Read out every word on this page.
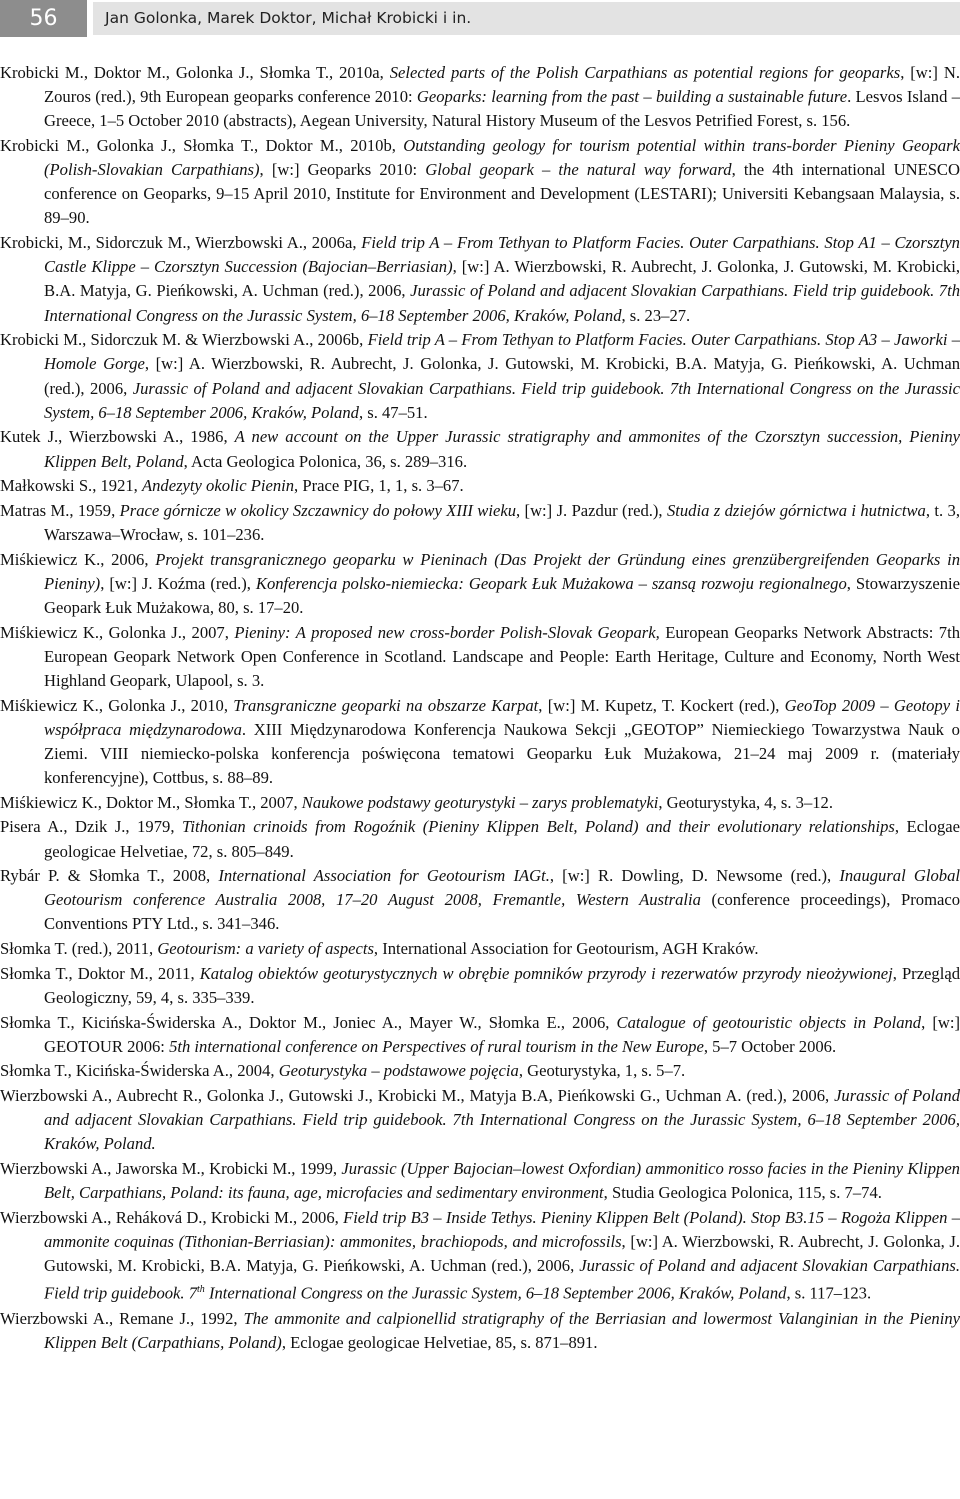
56	Jan Golonka, Marek Doktor, Michał Krobicki i in.
Krobicki M., Doktor M., Golonka J., Słomka T., 2010a, Selected parts of the Polish Carpathians as potential regions for geoparks, [w:] N. Zouros (red.), 9th European geoparks conference 2010: Geoparks: learning from the past – building a sustainable future. Lesvos Island – Greece, 1–5 October 2010 (abstracts), Aegean University, Natural History Museum of the Lesvos Petrified Forest, s. 156.
Krobicki M., Golonka J., Słomka T., Doktor M., 2010b, Outstanding geology for tourism potential within trans-border Pieniny Geopark (Polish-Slovakian Carpathians), [w:] Geoparks 2010: Global geopark – the natural way forward, the 4th international UNESCO conference on Geoparks, 9–15 April 2010, Institute for Environment and Development (LESTARI); Universiti Kebangsaan Malaysia, s. 89–90.
Krobicki, M., Sidorczuk M., Wierzbowski A., 2006a, Field trip A – From Tethyan to Platform Facies. Outer Carpathians. Stop A1 – Czorsztyn Castle Klippe – Czorsztyn Succession (Bajocian–Berriasian), [w:] A. Wierzbowski, R. Aubrecht, J. Golonka, J. Gutowski, M. Krobicki, B.A. Matyja, G. Pieńkowski, A. Uchman (red.), 2006, Jurassic of Poland and adjacent Slovakian Carpathians. Field trip guidebook. 7th International Congress on the Jurassic System, 6–18 September 2006, Kraków, Poland, s. 23–27.
Krobicki M., Sidorczuk M. & Wierzbowski A., 2006b, Field trip A – From Tethyan to Platform Facies. Outer Carpathians. Stop A3 – Jaworki – Homole Gorge, [w:] A. Wierzbowski, R. Aubrecht, J. Golonka, J. Gutowski, M. Krobicki, B.A. Matyja, G. Pieńkowski, A. Uchman (red.), 2006, Jurassic of Poland and adjacent Slovakian Carpathians. Field trip guidebook. 7th International Congress on the Jurassic System, 6–18 September 2006, Kraków, Poland, s. 47–51.
Kutek J., Wierzbowski A., 1986, A new account on the Upper Jurassic stratigraphy and ammonites of the Czorsztyn succession, Pieniny Klippen Belt, Poland, Acta Geologica Polonica, 36, s. 289–316.
Małkowski S., 1921, Andezyty okolic Pienin, Prace PIG, 1, 1, s. 3–67.
Matras M., 1959, Prace górnicze w okolicy Szczawnicy do połowy XIII wieku, [w:] J. Pazdur (red.), Studia z dziejów górnictwa i hutnictwa, t. 3, Warszawa–Wrocław, s. 101–236.
Miśkiewicz K., 2006, Projekt transgranicznego geoparku w Pieninach (Das Projekt der Gründung eines grenzübergreifenden Geoparks in Pieniny), [w:] J. Koźma (red.), Konferencja polsko-niemiecka: Geopark Łuk Mużakowa – szansą rozwoju regionalnego, Stowarzyszenie Geopark Łuk Mużakowa, 80, s. 17–20.
Miśkiewicz K., Golonka J., 2007, Pieniny: A proposed new cross-border Polish-Slovak Geopark, European Geoparks Network Abstracts: 7th European Geopark Network Open Conference in Scotland. Landscape and People: Earth Heritage, Culture and Economy, North West Highland Geopark, Ulapool, s. 3.
Miśkiewicz K., Golonka J., 2010, Transgraniczne geoparki na obszarze Karpat, [w:] M. Kupetz, T. Kockert (red.), GeoTop 2009 – Geotopy i współpraca międzynarodowa. XIII Międzynarodowa Konferencja Naukowa Sekcji „GEOTOP” Niemieckiego Towarzystwa Nauk o Ziemi. VIII niemiecko-polska konferencja poświęcona tematowi Geoparku Łuk Mużakowa, 21–24 maj 2009 r. (materiały konferencyjne), Cottbus, s. 88–89.
Miśkiewicz K., Doktor M., Słomka T., 2007, Naukowe podstawy geoturystyki – zarys problematyki, Geoturystyka, 4, s. 3–12.
Pisera A., Dzik J., 1979, Tithonian crinoids from Rogoźnik (Pieniny Klippen Belt, Poland) and their evolutionary relationships, Eclogae geologicae Helvetiae, 72, s. 805–849.
Rybár P. & Słomka T., 2008, International Association for Geotourism IAGt., [w:] R. Dowling, D. Newsome (red.), Inaugural Global Geotourism conference Australia 2008, 17–20 August 2008, Fremantle, Western Australia (conference proceedings), Promaco Conventions PTY Ltd., s. 341–346.
Słomka T. (red.), 2011, Geotourism: a variety of aspects, International Association for Geotourism, AGH Kraków.
Słomka T., Doktor M., 2011, Katalog obiektów geoturystycznych w obrębie pomników przyrody i rezerwatów przyrody nieożywionej, Przegląd Geologiczny, 59, 4, s. 335–339.
Słomka T., Kicińska-Świderska A., Doktor M., Joniec A., Mayer W., Słomka E., 2006, Catalogue of geotouristic objects in Poland, [w:] GEOTOUR 2006: 5th international conference on Perspectives of rural tourism in the New Europe, 5–7 October 2006.
Słomka T., Kicińska-Świderska A., 2004, Geoturystyka – podstawowe pojęcia, Geoturystyka, 1, s. 5–7.
Wierzbowski A., Aubrecht R., Golonka J., Gutowski J., Krobicki M., Matyja B.A, Pieńkowski G., Uchman A. (red.), 2006, Jurassic of Poland and adjacent Slovakian Carpathians. Field trip guidebook. 7th International Congress on the Jurassic System, 6–18 September 2006, Kraków, Poland.
Wierzbowski A., Jaworska M., Krobicki M., 1999, Jurassic (Upper Bajocian–lowest Oxfordian) ammonitico rosso facies in the Pieniny Klippen Belt, Carpathians, Poland: its fauna, age, microfacies and sedimentary environment, Studia Geologica Polonica, 115, s. 7–74.
Wierzbowski A., Reháková D., Krobicki M., 2006, Field trip B3 – Inside Tethys. Pieniny Klippen Belt (Poland). Stop B3.15 – Rogoża Klippen – ammonite coquinas (Tithonian-Berriasian): ammonites, brachiopods, and microfossils, [w:] A. Wierzbowski, R. Aubrecht, J. Golonka, J. Gutowski, M. Krobicki, B.A. Matyja, G. Pieńkowski, A. Uchman (red.), 2006, Jurassic of Poland and adjacent Slovakian Carpathians. Field trip guidebook. 7th International Congress on the Jurassic System, 6–18 September 2006, Kraków, Poland, s. 117–123.
Wierzbowski A., Remane J., 1992, The ammonite and calpionellid stratigraphy of the Berriasian and lowermost Valanginian in the Pieniny Klippen Belt (Carpathians, Poland), Eclogae geologicae Helvetiae, 85, s. 871–891.
